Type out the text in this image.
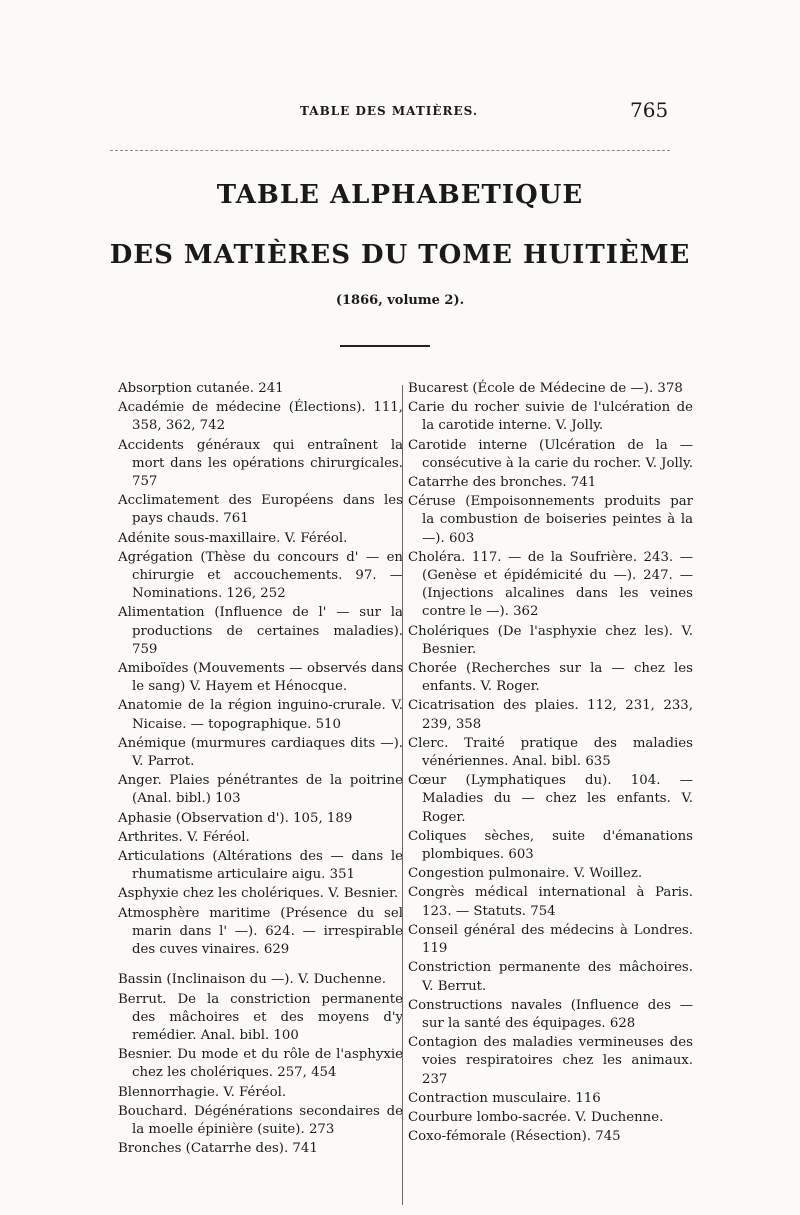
TABLE DES MATIÈRES.	765
TABLE ALPHABETIQUE
DES MATIÈRES DU TOME HUITIÈME
(1866, volume 2).

Absorption cutanée. 241

Académie de médecine (Élections). 111, 358, 362, 742

Accidents généraux qui entraînent la mort dans les opérations chirurgicales. 757

Acclimatement des Européens dans les pays chauds. 761

Adénite sous-maxillaire. V. Féréol.

Agrégation (Thèse du concours d' — en chirurgie et accouchements. 97. — Nominations. 126, 252

Alimentation (Influence de l' — sur la productions de certaines maladies). 759

Amiboïdes (Mouvements — observés dans le sang) V. Hayem et Hénocque.

Anatomie de la région inguino-crurale. V. Nicaise. — topographique. 510

Anémique (murmures cardiaques dits —). V. Parrot.

Anger. Plaies pénétrantes de la poitrine (Anal. bibl.) 103

Aphasie (Observation d'). 105, 189

Arthrites. V. Féréol.

Articulations (Altérations des — dans le rhumatisme articulaire aigu. 351

Asphyxie chez les cholériques. V. Besnier.

Atmosphère maritime (Présence du sel marin dans l' —). 624. — irrespirable des cuves vinaires. 629

Bassin (Inclinaison du —). V. Duchenne.

Berrut. De la constriction permanente des mâchoires et des moyens d'y remédier. Anal. bibl. 100

Besnier. Du mode et du rôle de l'asphyxie chez les cholériques. 257, 454

Blennorrhagie. V. Féréol.

Bouchard. Dégénérations secondaires de la moelle épinière (suite). 273

Bronches (Catarrhe des). 741

Bucarest (École de Médecine de —). 378

Carie du rocher suivie de l'ulcération de la carotide interne. V. Jolly.

Carotide interne (Ulcération de la — consécutive à la carie du rocher. V. Jolly.

Catarrhe des bronches. 741

Céruse (Empoisonnements produits par la combustion de boiseries peintes à la —). 603

Choléra. 117. — de la Soufrière. 243. — (Genèse et épidémicité du —). 247. — (Injections alcalines dans les veines contre le —). 362

Cholériques (De l'asphyxie chez les). V. Besnier.

Chorée (Recherches sur la — chez les enfants. V. Roger.

Cicatrisation des plaies. 112, 231, 233, 239, 358

Clerc. Traité pratique des maladies vénériennes. Anal. bibl. 635

Cœur (Lymphatiques du). 104. — Maladies du — chez les enfants. V. Roger.

Coliques sèches, suite d'émanations plombiques. 603

Congestion pulmonaire. V. Woillez.

Congrès médical international à Paris. 123. — Statuts. 754

Conseil général des médecins à Londres. 119

Constriction permanente des mâchoires. V. Berrut.

Constructions navales (Influence des — sur la santé des équipages. 628

Contagion des maladies vermineuses des voies respiratoires chez les animaux. 237

Contraction musculaire. 116

Courbure lombo-sacrée. V. Duchenne.

Coxo-fémorale (Résection). 745
